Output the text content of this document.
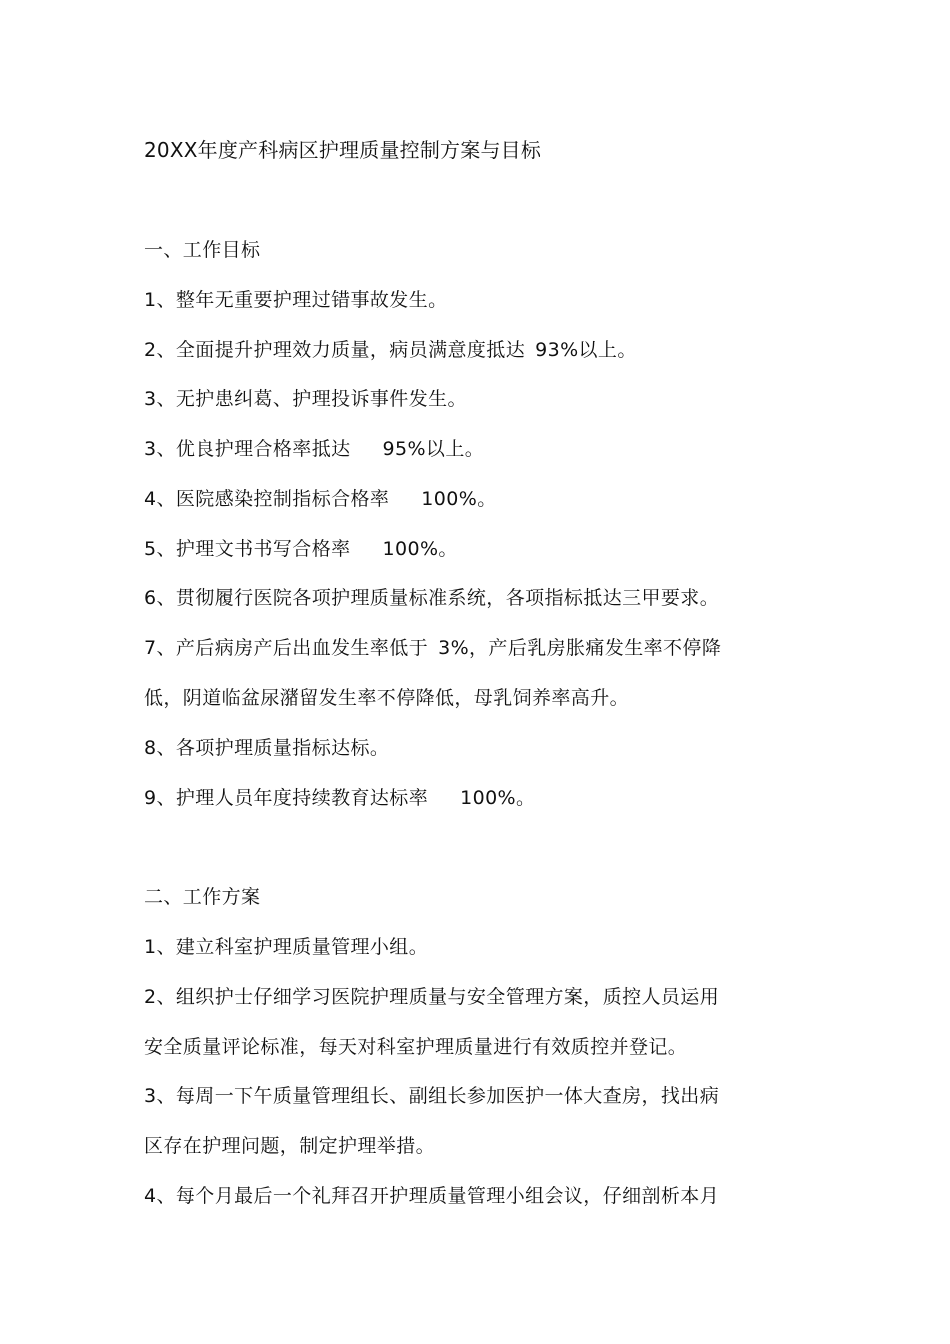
20XX年度产科病区护理质量控制方案与目标
一、工作目标
1、整年无重要护理过错事故发生。
2、全面提升护理效力质量，病员满意度抵达 93%以上。
3、无护患纠葛、护理投诉事件发生。
3、优良护理合格率抵达 95%以上。
4、医院感染控制指标合格率 100%。
5、护理文书书写合格率 100%。
6、贯彻履行医院各项护理质量标准系统，各项指标抵达三甲要求。
7、产后病房产后出血发生率低于 3%，产后乳房胀痛发生率不停降
低，阴道临盆尿潴留发生率不停降低，母乳饲养率高升。
8、各项护理质量指标达标。
9、护理人员年度持续教育达标率 100%。
二、工作方案
1、建立科室护理质量管理小组。
2、组织护士仔细学习医院护理质量与安全管理方案，质控人员运用
安全质量评论标准，每天对科室护理质量进行有效质控并登记。
3、每周一下午质量管理组长、副组长参加医护一体大查房，找出病
区存在护理问题，制定护理举措。
4、每个月最后一个礼拜召开护理质量管理小组会议，仔细剖析本月
